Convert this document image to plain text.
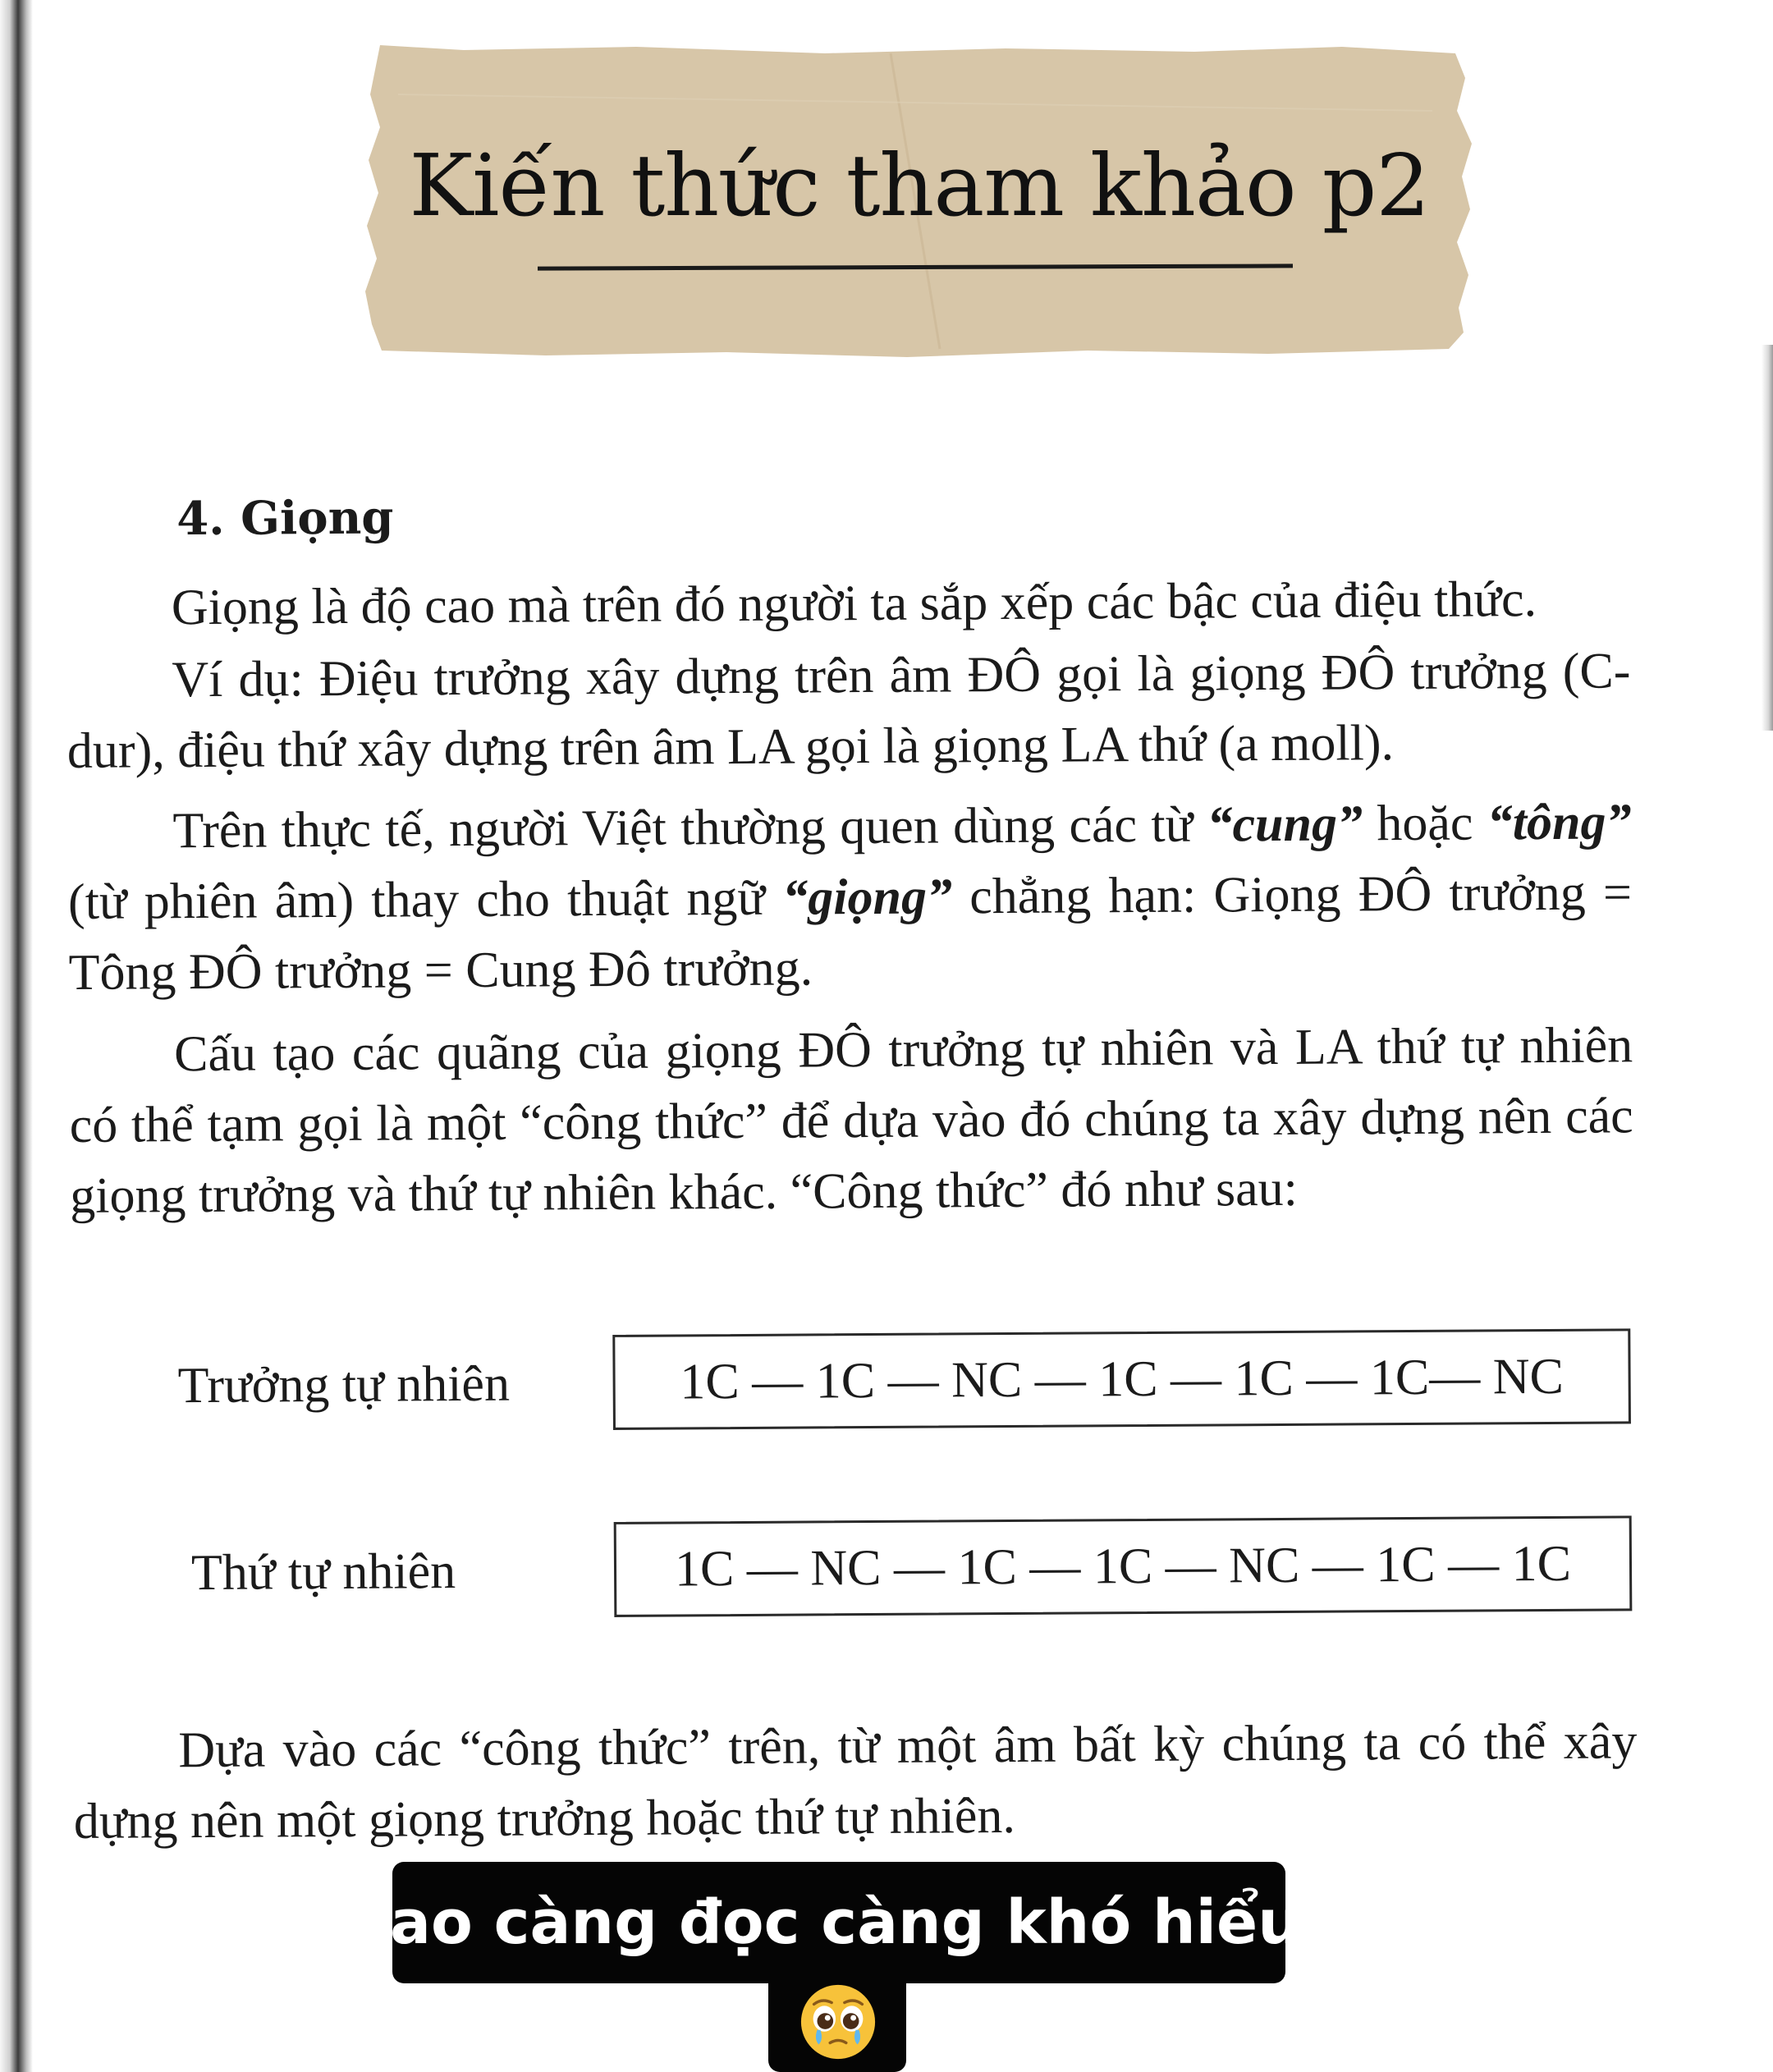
Kiến thức tham khảo p2
4. Giọng
Giọng là độ cao mà trên đó người ta sắp xếp các bậc của điệu thức.
Ví dụ: Điệu trưởng xây dựng trên âm ĐÔ gọi là giọng ĐÔ trưởng (C-dur), điệu thứ xây dựng trên âm LA gọi là giọng LA thứ (a moll).
Trên thực tế, người Việt thường quen dùng các từ “cung” hoặc “tông” (từ phiên âm) thay cho thuật ngữ “giọng” chẳng hạn: Giọng ĐÔ trưởng = Tông ĐÔ trưởng = Cung Đô trưởng.
Cấu tạo các quãng của giọng ĐÔ trưởng tự nhiên và LA thứ tự nhiên có thể tạm gọi là một “công thức” để dựa vào đó chúng ta xây dựng nên các giọng trưởng và thứ tự nhiên khác. “Công thức” đó như sau:
Trưởng tự nhiên	1C — 1C — NC — 1C — 1C — 1C— NC
Thứ tự nhiên	1C — NC — 1C — 1C — NC — 1C — 1C
Dựa vào các “công thức” trên, từ một âm bất kỳ chúng ta có thể xây dựng nên một giọng trưởng hoặc thứ tự nhiên.
sao càng đọc càng khó hiểu.
